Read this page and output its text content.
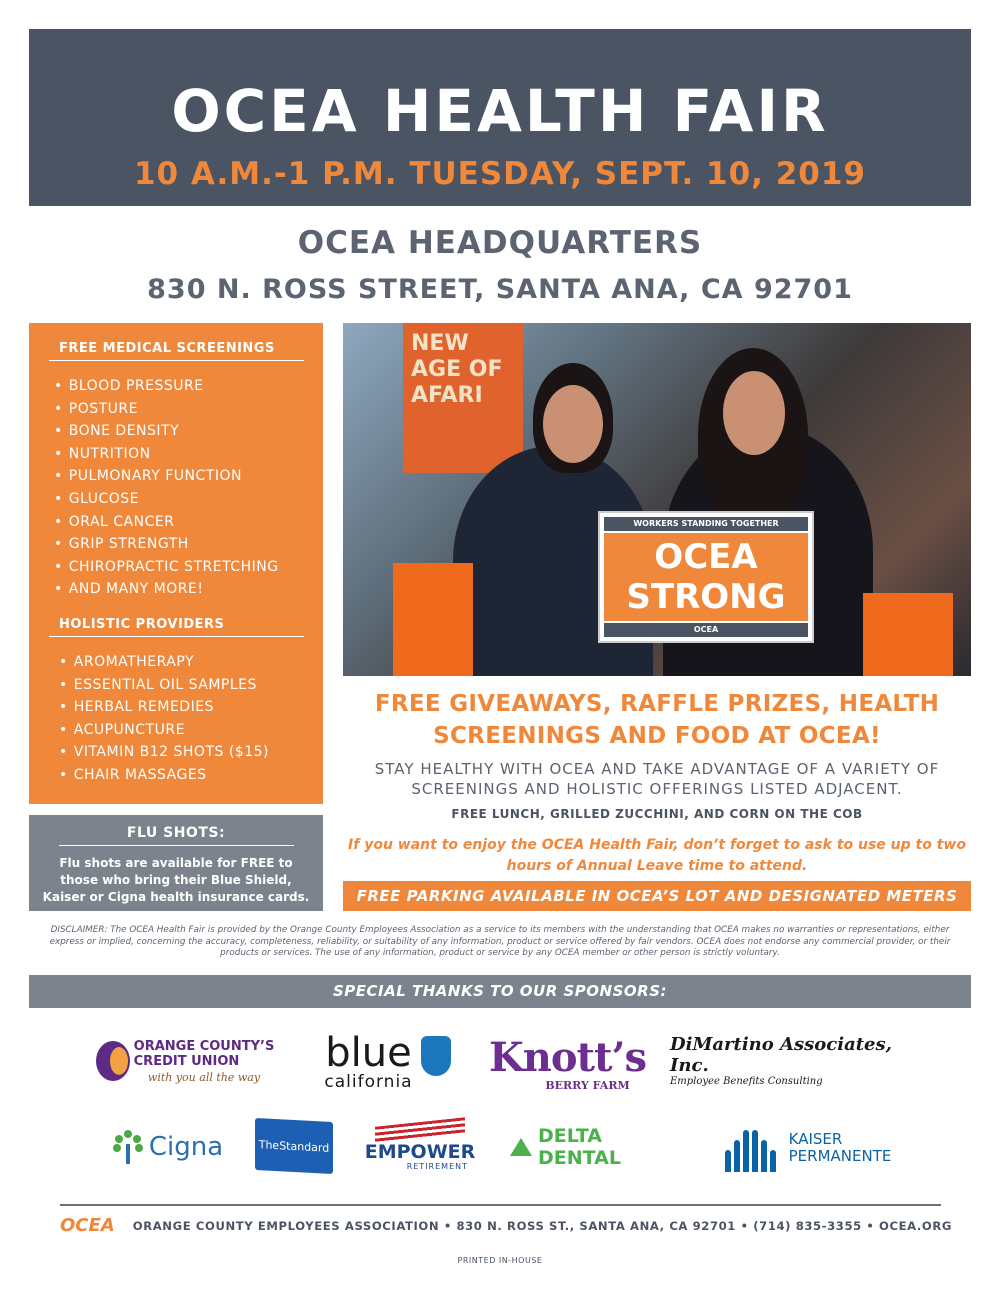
OCEA HEALTH FAIR
10 A.M.-1 P.M. TUESDAY, SEPT. 10, 2019
OCEA HEADQUARTERS
830 N. ROSS STREET, SANTA ANA, CA 92701
FREE MEDICAL SCREENINGS
• BLOOD PRESSURE
• POSTURE
• BONE DENSITY
• NUTRITION
• PULMONARY FUNCTION
• GLUCOSE
• ORAL CANCER
• GRIP STRENGTH
• CHIROPRACTIC STRETCHING
• AND MANY MORE!
HOLISTIC PROVIDERS
• AROMATHERAPY
• ESSENTIAL OIL SAMPLES
• HERBAL REMEDIES
• ACUPUNCTURE
• VITAMIN B12 SHOTS ($15)
• CHAIR MASSAGES
FLU SHOTS:

Flu shots are available for FREE to those who bring their Blue Shield, Kaiser or Cigna health insurance cards.

NEW AGE OF AFARI
WORKERS STANDING TOGETHER
OCEA
STRONG
OCEA
FREE GIVEAWAYS, RAFFLE PRIZES, HEALTH SCREENINGS AND FOOD AT OCEA!
STAY HEALTHY WITH OCEA AND TAKE ADVANTAGE OF A VARIETY OF SCREENINGS AND HOLISTIC OFFERINGS LISTED ADJACENT.
FREE LUNCH, GRILLED ZUCCHINI, AND CORN ON THE COB
If you want to enjoy the OCEA Health Fair, don’t forget to ask to use up to two hours of Annual Leave time to attend.
FREE PARKING AVAILABLE IN OCEA’S LOT AND DESIGNATED METERS
DISCLAIMER: The OCEA Health Fair is provided by the Orange County Employees Association as a service to its members with the understanding that OCEA makes no warranties or representations, either express or implied, concerning the accuracy, completeness, reliability, or suitability of any information, product or service offered by fair vendors. OCEA does not endorse any commercial provider, or their products or services. The use of any information, product or service by any OCEA member or other person is strictly voluntary.
SPECIAL THANKS TO OUR SPONSORS:
ORANGE COUNTY’S
CREDIT UNION
with you all the way
blue
california
Knott’s
BERRY FARM
DiMartino Associates, Inc.
Employee Benefits Consulting
Cigna	TheStandard EMPOWER
RETIREMENT
DELTA DENTAL
KAISER
PERMANENTE
OCEA ORANGE COUNTY EMPLOYEES ASSOCIATION • 830 N. ROSS ST., SANTA ANA, CA 92701 • (714) 835-3355 • OCEA.ORG
PRINTED IN-HOUSE
